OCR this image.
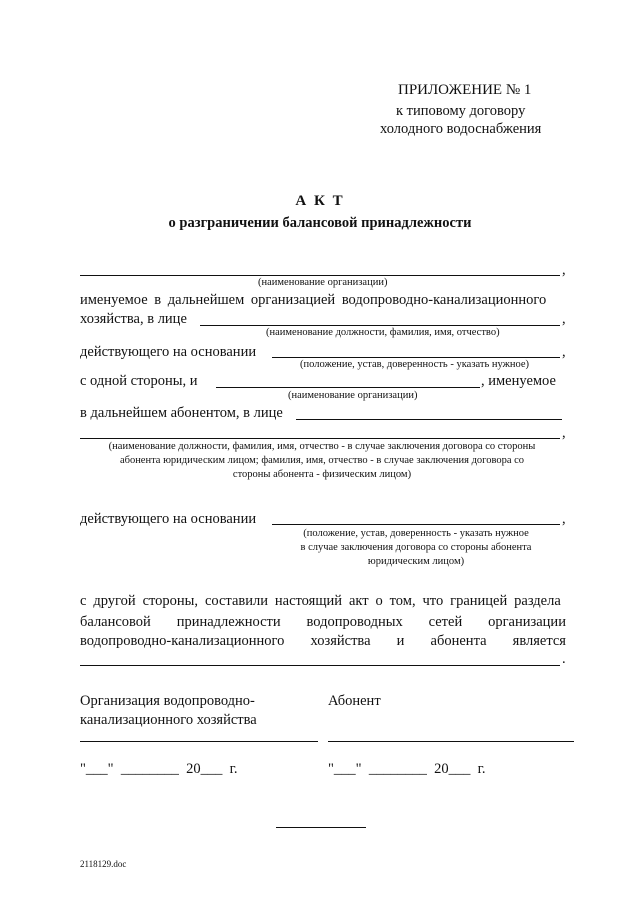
ПРИЛОЖЕНИЕ № 1
к типовому договору
холодного водоснабжения
А К Т
о разграничении балансовой принадлежности
,
(наименование организации)
именуемое в дальнейшем организацией водопроводно-канализационного
хозяйства, в лице	,
(наименование должности, фамилия, имя, отчество)
действующего на основании	,
(положение, устав, доверенность - указать нужное)
с одной стороны, и	, именуемое
(наименование организации)
в дальнейшем абонентом, в лице
,
(наименование должности, фамилия, имя, отчество - в случае заключения договора со стороны
абонента юридическим лицом; фамилия, имя, отчество - в случае заключения договора со
стороны абонента - физическим лицом)
действующего на основании	,
(положение, устав, доверенность - указать нужное
в случае заключения договора со стороны абонента
юридическим лицом)
с другой стороны, составили настоящий акт о том, что границей раздела
балансовой принадлежности водопроводных сетей организации
водопроводно-канализационного хозяйства и абонента является
.
Организация водопроводно-
канализационного хозяйства
Абонент
"___"  ________  20___  г.	"___"  ________  20___  г.
2118129.doc
